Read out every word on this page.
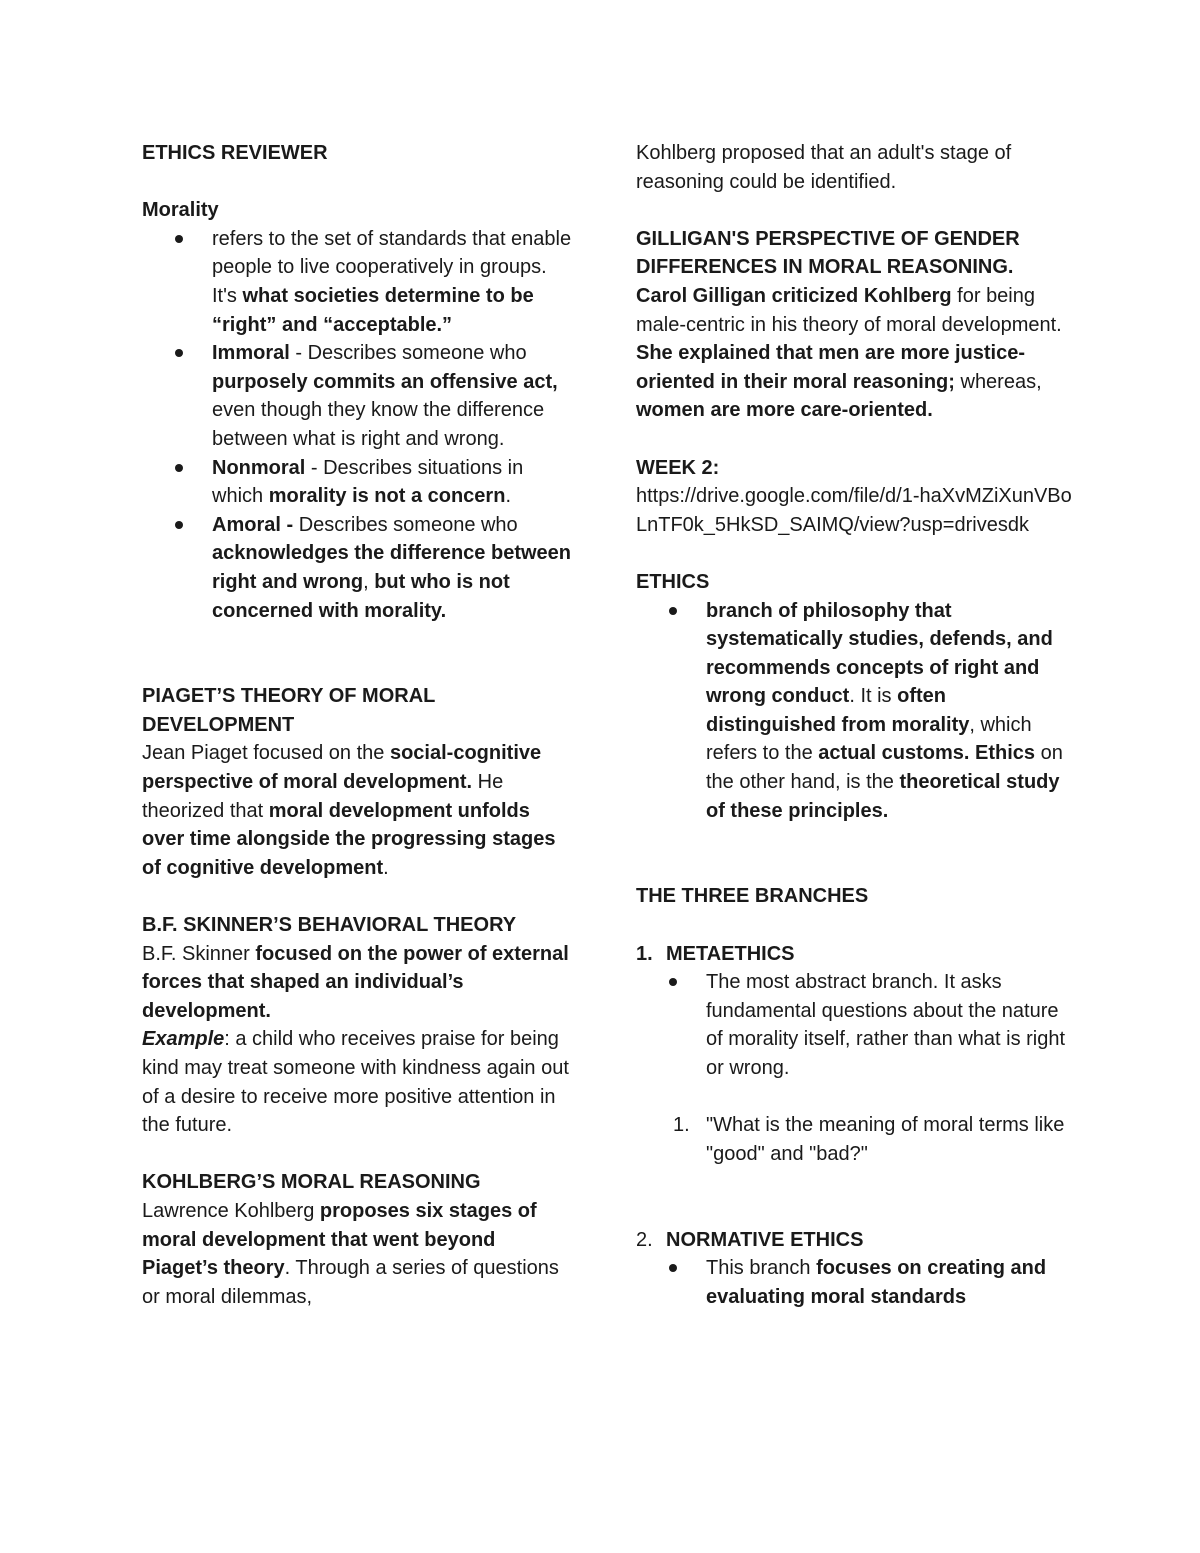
ETHICS REVIEWER

Morality

refers to the set of standards that enable people to live cooperatively in groups. It's what societies determine to be “right” and “acceptable.”
Immoral - Describes someone who purposely commits an offensive act, even though they know the difference between what is right and wrong.
Nonmoral - Describes situations in which morality is not a concern.
Amoral - Describes someone who acknowledges the difference between right and wrong, but who is not concerned with morality.

PIAGET’S THEORY OF MORAL DEVELOPMENT

Jean Piaget focused on the social-cognitive perspective of moral development. He theorized that moral development unfolds over time alongside the progressing stages of cognitive development.

B.F. SKINNER’S BEHAVIORAL THEORY

B.F. Skinner focused on the power of external forces that shaped an individual’s development.

Example: a child who receives praise for being kind may treat someone with kindness again out of a desire to receive more positive attention in the future.

KOHLBERG’S MORAL REASONING

Lawrence Kohlberg proposes six stages of moral development that went beyond Piaget’s theory. Through a series of questions or moral dilemmas,

Kohlberg proposed that an adult's stage of reasoning could be identified.

GILLIGAN'S PERSPECTIVE OF GENDER DIFFERENCES IN MORAL REASONING.

Carol Gilligan criticized Kohlberg for being male-centric in his theory of moral development. She explained that men are more justice-oriented in their moral reasoning; whereas, women are more care-oriented.

WEEK 2:

https://drive.google.com/file/d/1-haXvMZiXunVBoLnTF0k_5HkSD_SAIMQ/view?usp=drivesdk

ETHICS

branch of philosophy that systematically studies, defends, and recommends concepts of right and wrong conduct. It is often distinguished from morality, which refers to the actual customs. Ethics on the other hand, is the theoretical study of these principles.

THE THREE BRANCHES

1. METAETHICS

The most abstract branch. It asks fundamental questions about the nature of morality itself, rather than what is right or wrong.

1. "What is the meaning of moral terms like "good" and "bad?"

2. NORMATIVE ETHICS

This branch focuses on creating and evaluating moral standards
